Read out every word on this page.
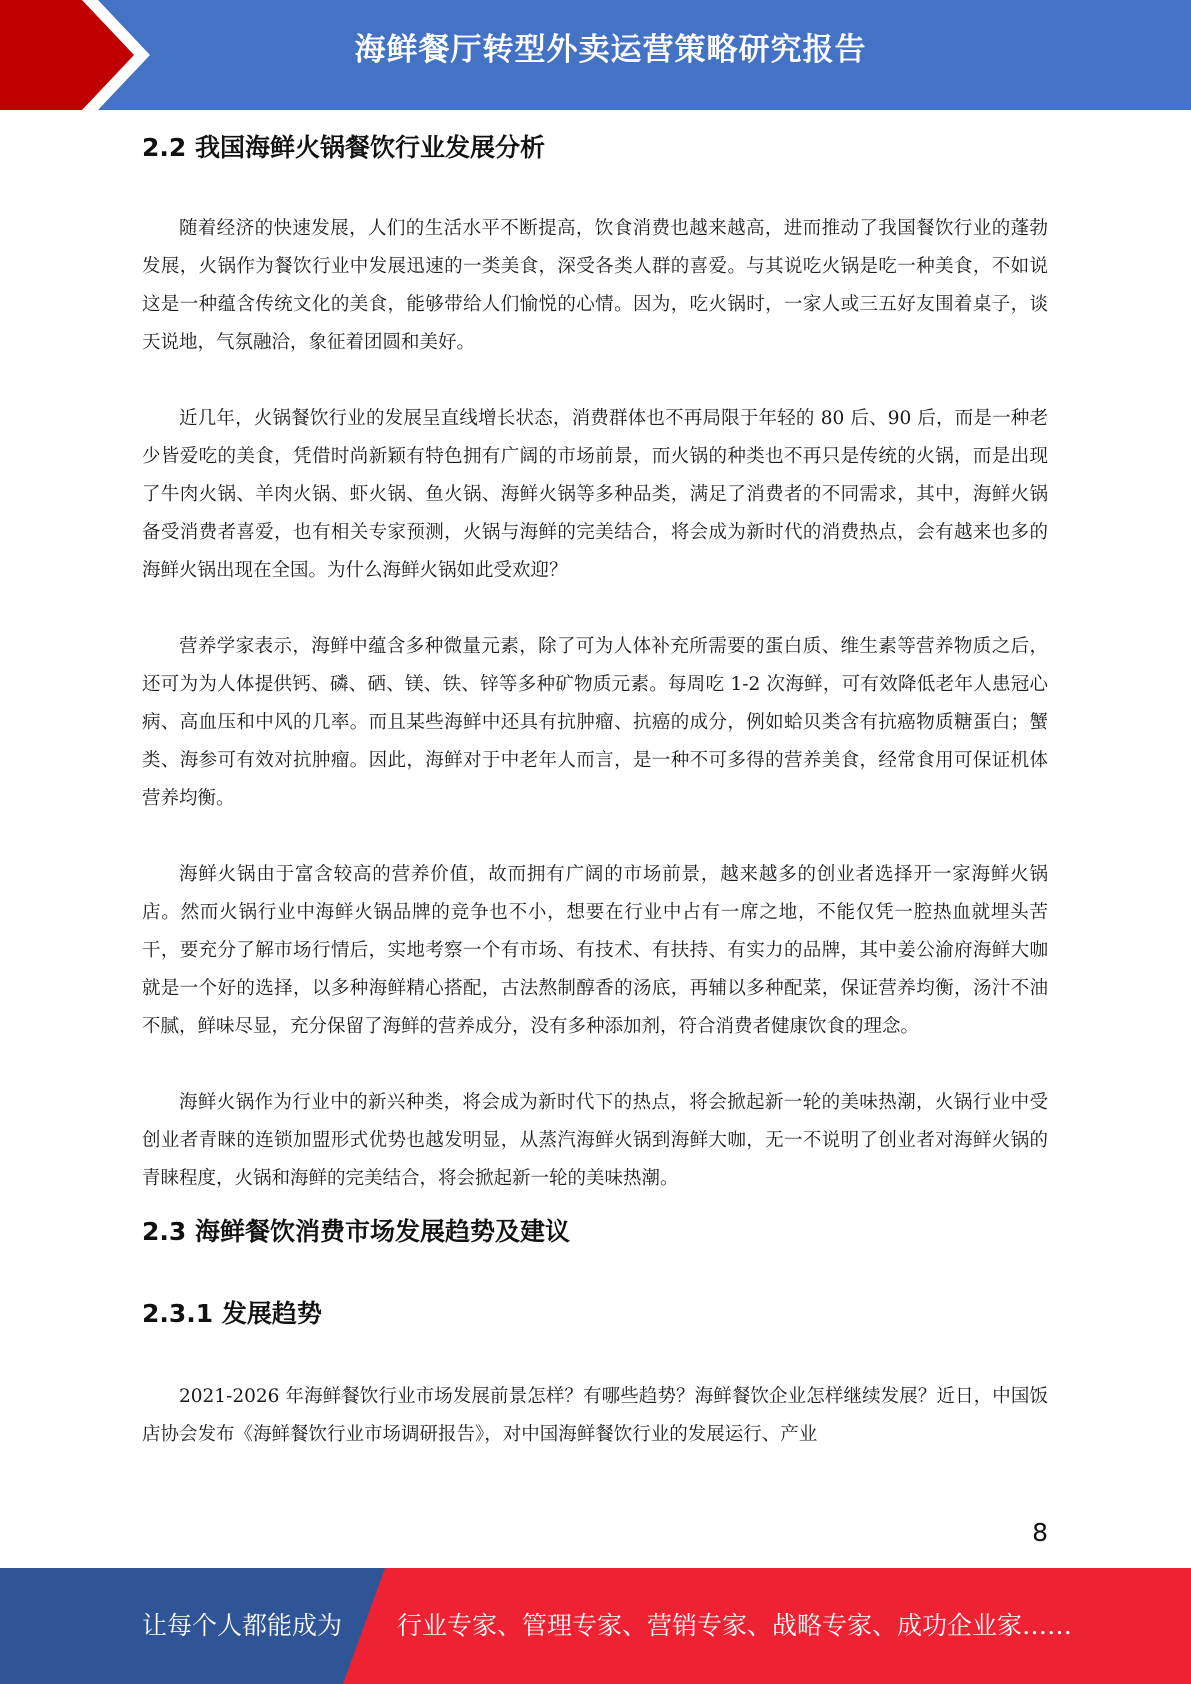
海鲜餐厅转型外卖运营策略研究报告
2.2 我国海鲜火锅餐饮行业发展分析

随着经济的快速发展，人们的生活水平不断提高，饮食消费也越来越高，进而推动了我国餐饮行业的蓬勃发展，火锅作为餐饮行业中发展迅速的一类美食，深受各类人群的喜爱。与其说吃火锅是吃一种美食，不如说这是一种蕴含传统文化的美食，能够带给人们愉悦的心情。因为，吃火锅时，一家人或三五好友围着桌子，谈天说地，气氛融洽，象征着团圆和美好。

近几年，火锅餐饮行业的发展呈直线增长状态，消费群体也不再局限于年轻的 80 后、90 后，而是一种老少皆爱吃的美食，凭借时尚新颖有特色拥有广阔的市场前景，而火锅的种类也不再只是传统的火锅，而是出现了牛肉火锅、羊肉火锅、虾火锅、鱼火锅、海鲜火锅等多种品类，满足了消费者的不同需求，其中，海鲜火锅备受消费者喜爱，也有相关专家预测，火锅与海鲜的完美结合，将会成为新时代的消费热点，会有越来也多的海鲜火锅出现在全国。为什么海鲜火锅如此受欢迎？

营养学家表示，海鲜中蕴含多种微量元素，除了可为人体补充所需要的蛋白质、维生素等营养物质之后，还可为为人体提供钙、磷、硒、镁、铁、锌等多种矿物质元素。每周吃 1-2 次海鲜，可有效降低老年人患冠心病、高血压和中风的几率。而且某些海鲜中还具有抗肿瘤、抗癌的成分，例如蛤贝类含有抗癌物质糖蛋白；蟹类、海参可有效对抗肿瘤。因此，海鲜对于中老年人而言，是一种不可多得的营养美食，经常食用可保证机体营养均衡。

海鲜火锅由于富含较高的营养价值，故而拥有广阔的市场前景，越来越多的创业者选择开一家海鲜火锅店。然而火锅行业中海鲜火锅品牌的竞争也不小，想要在行业中占有一席之地，不能仅凭一腔热血就埋头苦干，要充分了解市场行情后，实地考察一个有市场、有技术、有扶持、有实力的品牌，其中姜公渝府海鲜大咖就是一个好的选择，以多种海鲜精心搭配，古法熬制醇香的汤底，再辅以多种配菜，保证营养均衡，汤汁不油不腻，鲜味尽显，充分保留了海鲜的营养成分，没有多种添加剂，符合消费者健康饮食的理念。

海鲜火锅作为行业中的新兴种类，将会成为新时代下的热点，将会掀起新一轮的美味热潮，火锅行业中受创业者青睐的连锁加盟形式优势也越发明显，从蒸汽海鲜火锅到海鲜大咖，无一不说明了创业者对海鲜火锅的青睐程度，火锅和海鲜的完美结合，将会掀起新一轮的美味热潮。

2.3 海鲜餐饮消费市场发展趋势及建议
2.3.1 发展趋势

2021-2026 年海鲜餐饮行业市场发展前景怎样？有哪些趋势？海鲜餐饮企业怎样继续发展？近日，中国饭店协会发布《海鲜餐饮行业市场调研报告》，对中国海鲜餐饮行业的发展运行、产业

8
让每个人都能成为 行业专家、管理专家、营销专家、战略专家、成功企业家……
